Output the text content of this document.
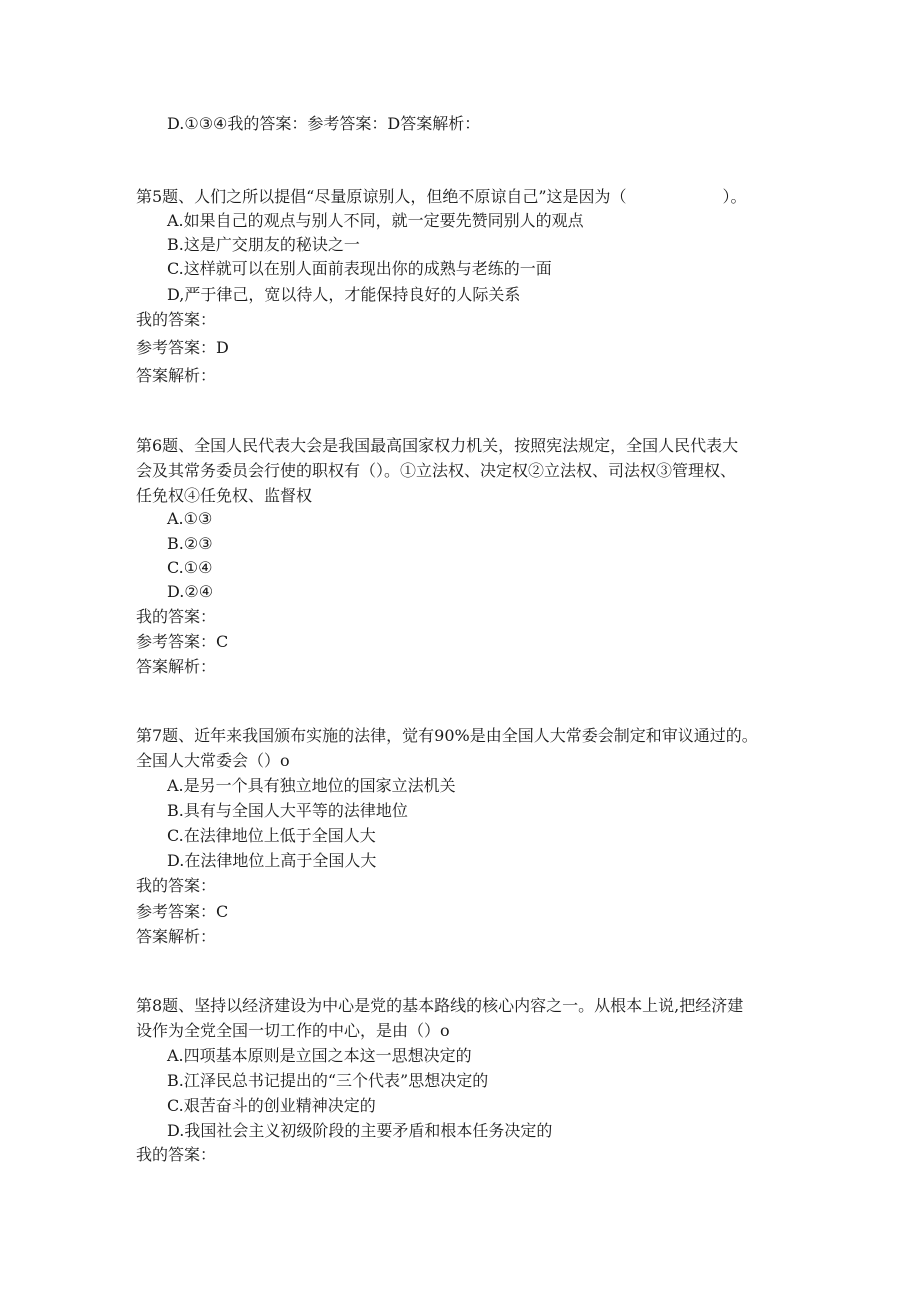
D.①③④我的答案：参考答案：D答案解析：
第5题、人们之所以提倡“尽量原谅别人，但绝不原谅自己”这是因为（　　　　　　）。
A.如果自己的观点与别人不同，就一定要先赞同别人的观点
B.这是广交朋友的秘诀之一
C.这样就可以在别人面前表现出你的成熟与老练的一面
D,严于律己，宽以待人，才能保持良好的人际关系
我的答案：
参考答案：D
答案解析：
第6题、全国人民代表大会是我国最高国家权力机关，按照宪法规定，全国人民代表大
会及其常务委员会行使的职权有（）。①立法权、决定权②立法权、司法权③管理权、
任免权④任免权、监督权
A.①③
B.②③
C.①④
D.②④
我的答案：
参考答案：C
答案解析：
第7题、近年来我国颁布实施的法律，觉有90%是由全国人大常委会制定和审议通过的。
全国人大常委会（）o
A.是另一个具有独立地位的国家立法机关
B.具有与全国人大平等的法律地位
C.在法律地位上低于全国人大
D.在法律地位上高于全国人大
我的答案：
参考答案：C
答案解析：
第8题、坚持以经济建设为中心是党的基本路线的核心内容之一。从根本上说,把经济建
设作为全党全国一切工作的中心，是由（）o
A.四项基本原则是立国之本这一思想决定的
B.江泽民总书记提出的“三个代表”思想决定的
C.艰苦奋斗的创业精神决定的
D.我国社会主义初级阶段的主要矛盾和根本任务决定的
我的答案：
